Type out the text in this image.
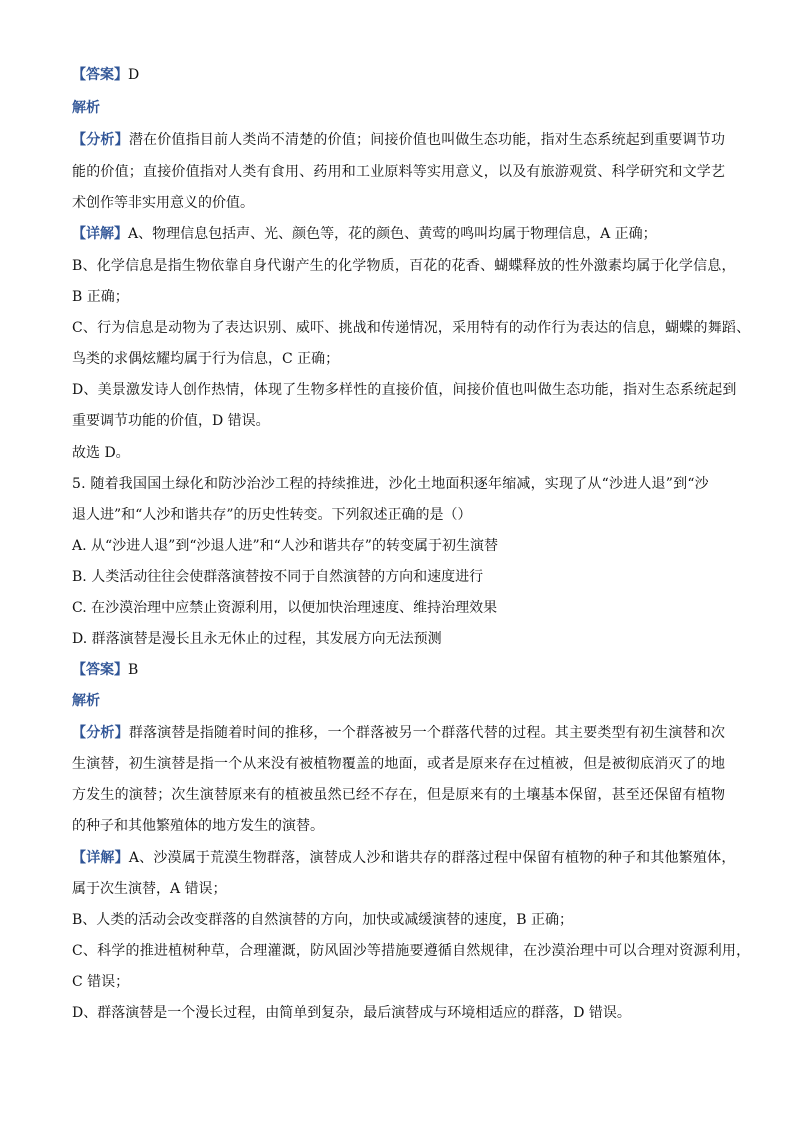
【答案】D
解析
【分析】潜在价值指目前人类尚不清楚的价值；间接价值也叫做生态功能，指对生态系统起到重要调节功
能的价值；直接价值指对人类有食用、药用和工业原料等实用意义，以及有旅游观赏、科学研究和文学艺
术创作等非实用意义的价值。
【详解】A、物理信息包括声、光、颜色等，花的颜色、黄莺的鸣叫均属于物理信息，A 正确；
B、化学信息是指生物依靠自身代谢产生的化学物质，百花的花香、蝴蝶释放的性外激素均属于化学信息，
B 正确；
C、行为信息是动物为了表达识别、威吓、挑战和传递情况，采用特有的动作行为表达的信息，蝴蝶的舞蹈、
鸟类的求偶炫耀均属于行为信息，C 正确；
D、美景激发诗人创作热情，体现了生物多样性的直接价值，间接价值也叫做生态功能，指对生态系统起到
重要调节功能的价值，D 错误。
故选 D。
5. 随着我国国土绿化和防沙治沙工程的持续推进，沙化土地面积逐年缩减，实现了从“沙进人退”到“沙
退人进”和“人沙和谐共存”的历史性转变。下列叙述正确的是（）
A. 从“沙进人退”到“沙退人进”和“人沙和谐共存”的转变属于初生演替
B. 人类活动往往会使群落演替按不同于自然演替的方向和速度进行
C. 在沙漠治理中应禁止资源利用，以便加快治理速度、维持治理效果
D. 群落演替是漫长且永无休止的过程，其发展方向无法预测
【答案】B
解析
【分析】群落演替是指随着时间的推移，一个群落被另一个群落代替的过程。其主要类型有初生演替和次
生演替，初生演替是指一个从来没有被植物覆盖的地面，或者是原来存在过植被，但是被彻底消灭了的地
方发生的演替；次生演替原来有的植被虽然已经不存在，但是原来有的土壤基本保留，甚至还保留有植物
的种子和其他繁殖体的地方发生的演替。
【详解】A、沙漠属于荒漠生物群落，演替成人沙和谐共存的群落过程中保留有植物的种子和其他繁殖体，
属于次生演替，A 错误；
B、人类的活动会改变群落的自然演替的方向，加快或减缓演替的速度，B 正确；
C、科学的推进植树种草，合理灌溉，防风固沙等措施要遵循自然规律，在沙漠治理中可以合理对资源利用，
C 错误；
D、群落演替是一个漫长过程，由简单到复杂，最后演替成与环境相适应的群落，D 错误。
